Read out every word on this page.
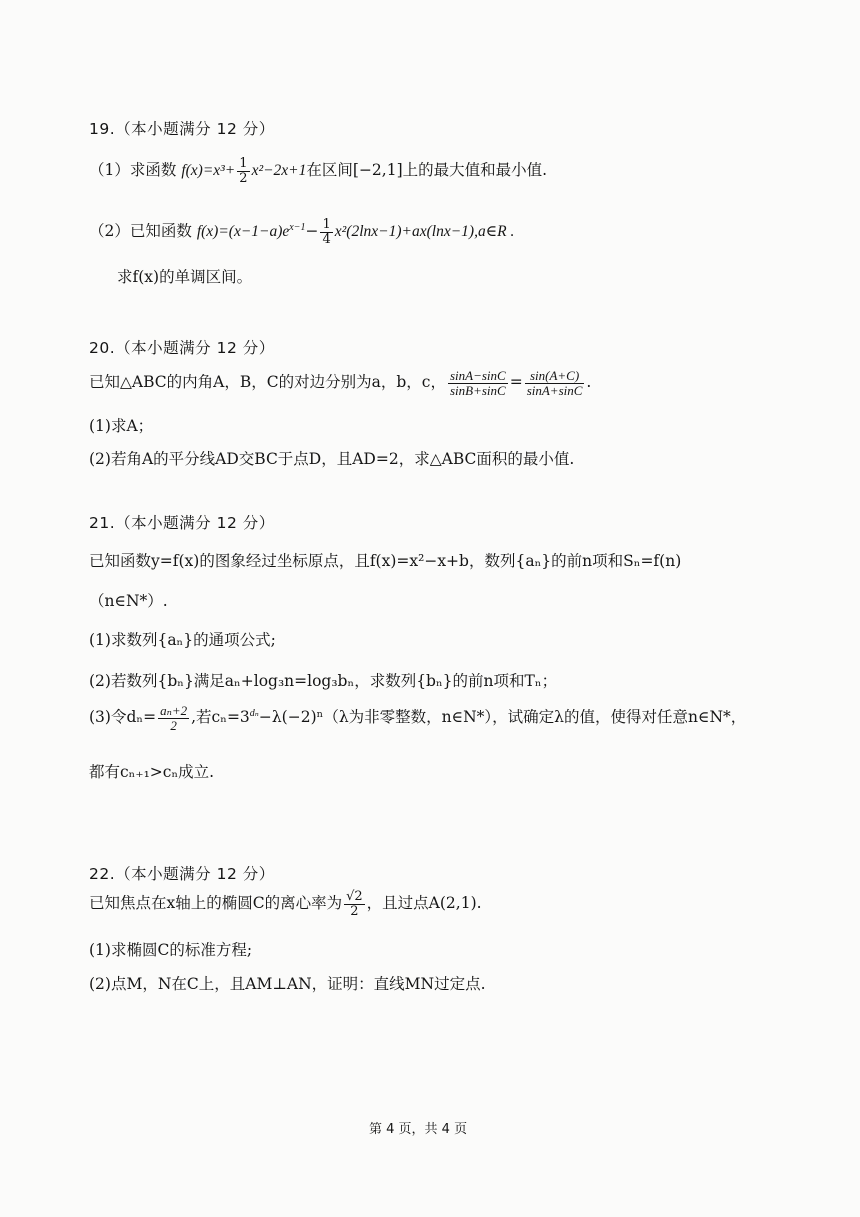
19.（本小题满分 12 分）
（1）求函数 $f(x)=x^3+ \frac{1}{2} x^2-2x+1$在区间[−2,1]上的最大值和最小值.
（2）已知函数 $f(x)=(x-1-a)e^{x-1}- \frac{1}{4}$ x²(2lnx−1)+ax(lnx−1),a∈R .
求f(x)的单调区间。
20.（本小题满分 12 分）
已知△ABC的内角A，B，C的对边分别为a，b，c， $\frac{\sin A-\sin C}{\sin B+\sin C} = \frac{\sin(A+C)}{\sin A+\sin C}$ .
(1)求A；
(2)若角A的平分线AD交BC于点D，且AD=2，求△ABC面积的最小值.
21.（本小题满分 12 分）
已知函数y=f(x)的图象经过坐标原点，且f(x)=x²−x+b，数列{aₙ}的前n项和Sₙ=f(n)
（n∈N*）.
(1)求数列{aₙ}的通项公式;
(2)若数列{bₙ}满足aₙ+log₃n=log₃bₙ，求数列{bₙ}的前n项和Tₙ；
(3)令$d_n= \frac{\text{aₙ+2}}{2}$ ,若$c_n=3^{d_n}-\lambda(-2)^n(\lambda$为非零整数，n∈N*），试确定λ的值，使得对任意n∈N*，
都有cₙ₊₁>cₙ成立.
22.（本小题满分 12 分）
已知焦点在x轴上的椭圆C的离心率为 $\frac{√2}{2}$ ，且过点A(2,1).
(1)求椭圆C的标准方程;
(2)点M，N在C上，且AM⊥AN，证明：直线MN过定点.
第 4 页，共 4 页
